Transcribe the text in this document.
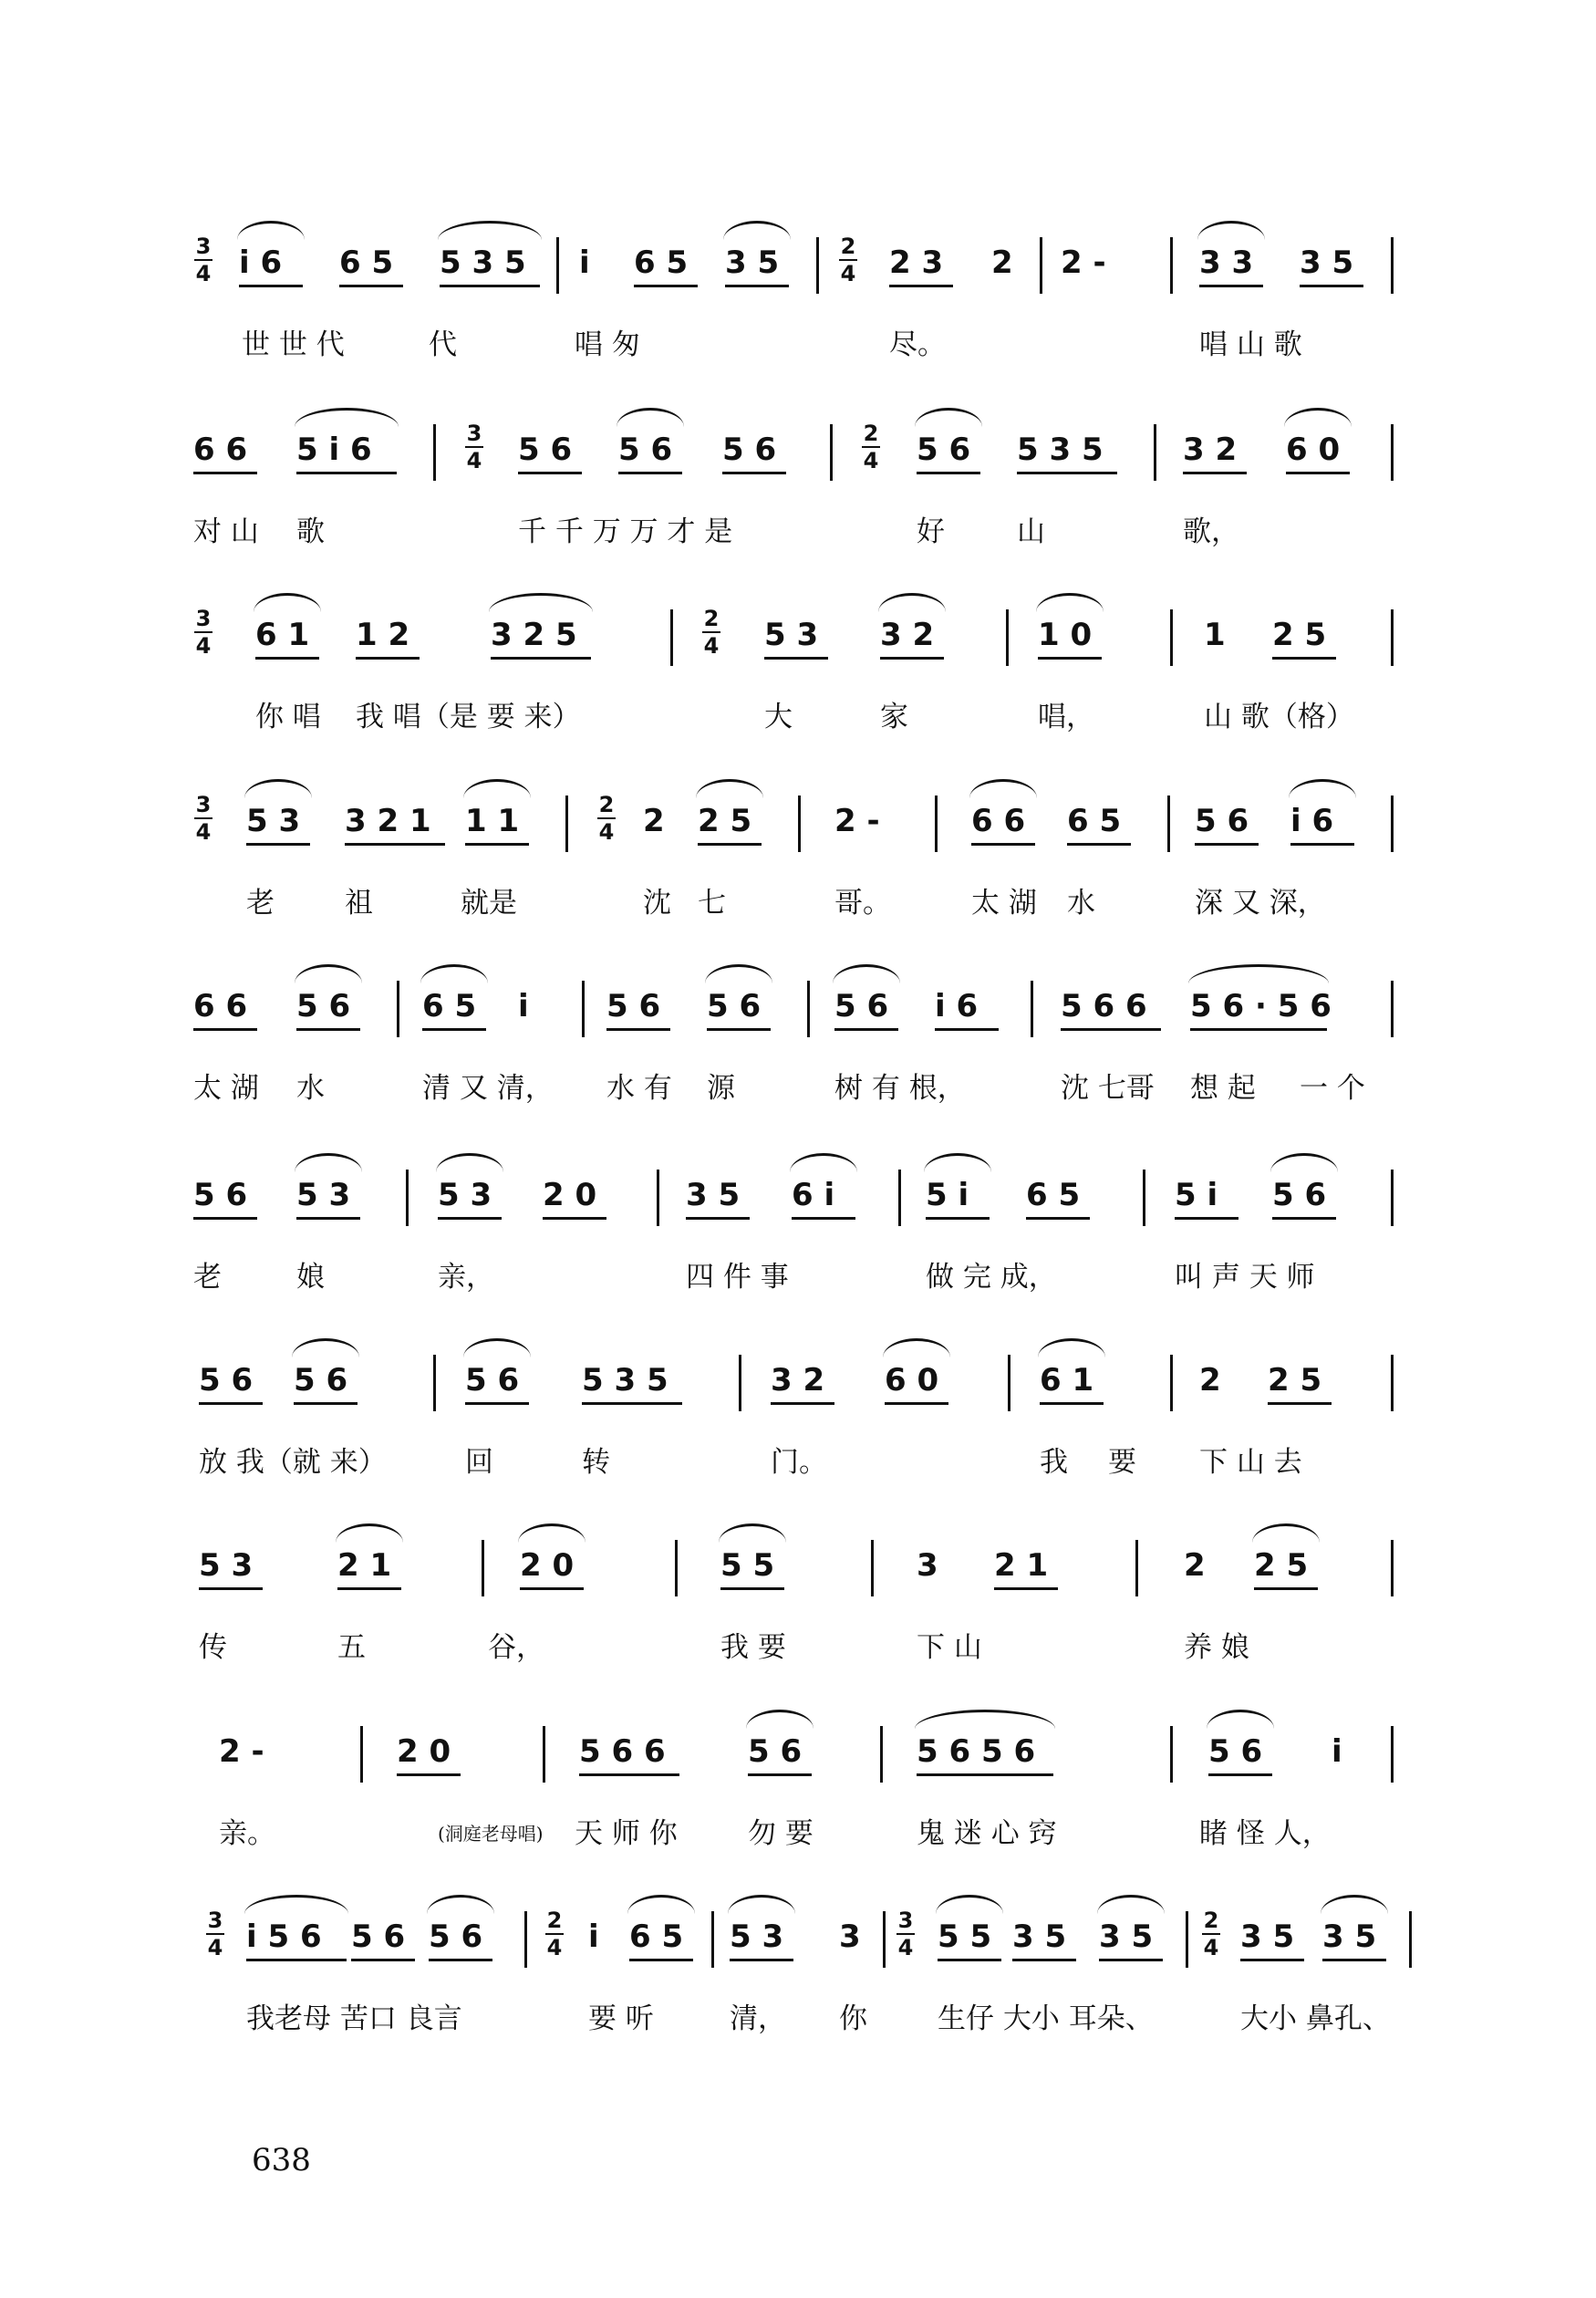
3
4 i 6 6 5 5 3 5 i 6 5 3 5	2
4 2 3 2 2 -	3 3 3 5
世 世 代	代	唱 匆	尽。	唱 山 歌
6 6 5 i 6	3
4 5 6 5 6 5 6	2
4 5 6 5 3 5	3 2 6 0
对 山 歌	千 千 万 万 才 是	好	山	歌，
3
4 6 1 1 2	3 2 5	2
4 5 3 3 2	1 0	1 2 5
你 唱 我 唱（是 要 来）	大	家	唱，	山 歌（格）
3
4 5 3 3 2 1 1 1	2
4 2 2 5	2 -	6 6 6 5 5 6 i 6
老 祖	就是	沈 七	哥。	太 湖 水	深 又 深，
6 6 5 6 6 5 i	5 6 5 6 5 6 i 6	5 6 6 5 6 · 5 6
太 湖 水	清 又 清， 水 有 源	树 有 根，	沈 七哥 想 起 一 个
5 6 5 3	5 3 2 0	3 5 6 i	5 i 6 5	5 i 5 6
老	娘	亲，	四 件 事	做 完 成，	叫 声 天 师
5 6 5 6	5 6 5 3 5	3 2 6 0	6 1	2 2 5
放 我（就 来）	回	转	门。	我 要 下 山 去
5 3	2 1	2 0	5 5	3 2 1	2 2 5
传	五	谷，	我 要	下 山	养 娘
2 -	2 0	5 6 6	5 6	5 6 5 6	5 6 i
亲。	(洞庭老母唱) 天 师 你 勿 要	鬼 迷 心 窍	睹 怪 人，
3
4 i 5 6 5 6 5 6	2
4 i 6 5 5 3 3 3
4 5 5 3 5 3 5 2
4 3 5 3 5
我老母 苦口 良言	要 听	清， 你 生仔 大小 耳朵、	大小 鼻孔、
638
